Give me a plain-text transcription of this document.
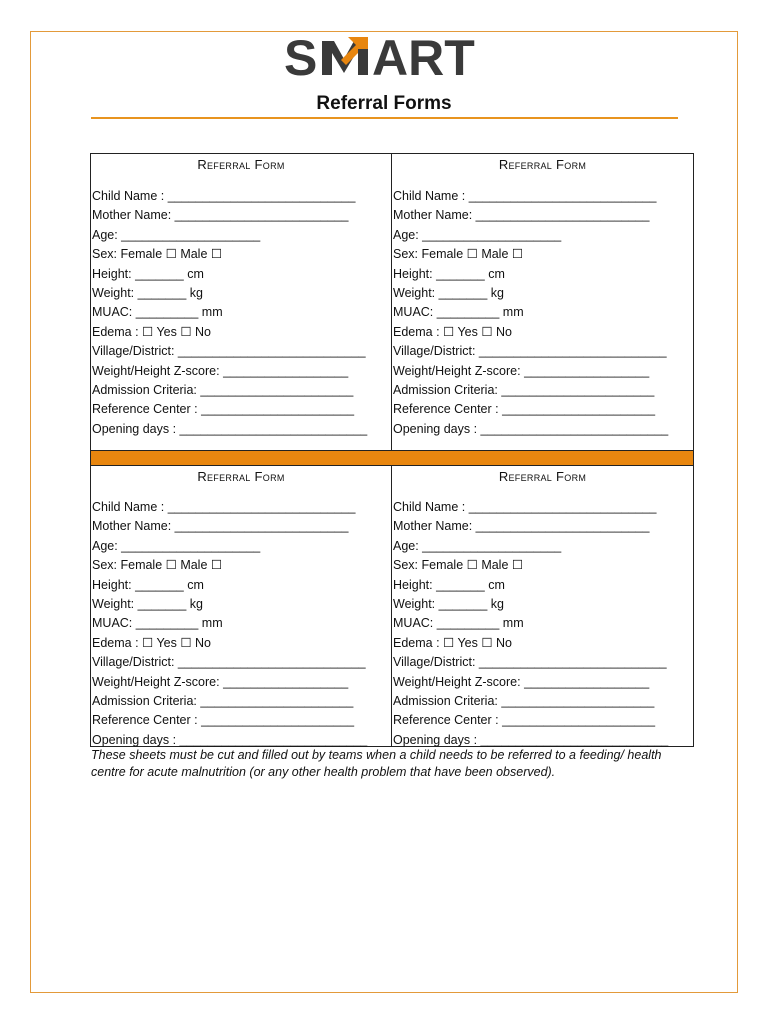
S ART
Referral Forms
Referral Form
Child Name : ___________________________
Mother Name: _________________________
Age: ____________________
Sex: Female ☐ Male ☐
Height: _______ cm
Weight: _______ kg
MUAC: _________ mm
Edema : ☐ Yes ☐ No
Village/District: ___________________________
Weight/Height Z-score: __________________
Admission Criteria: ______________________
Reference Center : ______________________
Opening days : ___________________________
Referral Form
Child Name : ___________________________
Mother Name: _________________________
Age: ____________________
Sex: Female ☐ Male ☐
Height: _______ cm
Weight: _______ kg
MUAC: _________ mm
Edema : ☐ Yes ☐ No
Village/District: ___________________________
Weight/Height Z-score: __________________
Admission Criteria: ______________________
Reference Center : ______________________
Opening days : ___________________________
Referral Form
Child Name : ___________________________
Mother Name: _________________________
Age: ____________________
Sex: Female ☐ Male ☐
Height: _______ cm
Weight: _______ kg
MUAC: _________ mm
Edema : ☐ Yes ☐ No
Village/District: ___________________________
Weight/Height Z-score: __________________
Admission Criteria: ______________________
Reference Center : ______________________
Opening days : ___________________________
Referral Form
Child Name : ___________________________
Mother Name: _________________________
Age: ____________________
Sex: Female ☐ Male ☐
Height: _______ cm
Weight: _______ kg
MUAC: _________ mm
Edema : ☐ Yes ☐ No
Village/District: ___________________________
Weight/Height Z-score: __________________
Admission Criteria: ______________________
Reference Center : ______________________
Opening days : ___________________________

These sheets must be cut and filled out by teams when a child needs to be referred to a feeding/ health centre for acute malnutrition (or any other health problem that have been observed).
